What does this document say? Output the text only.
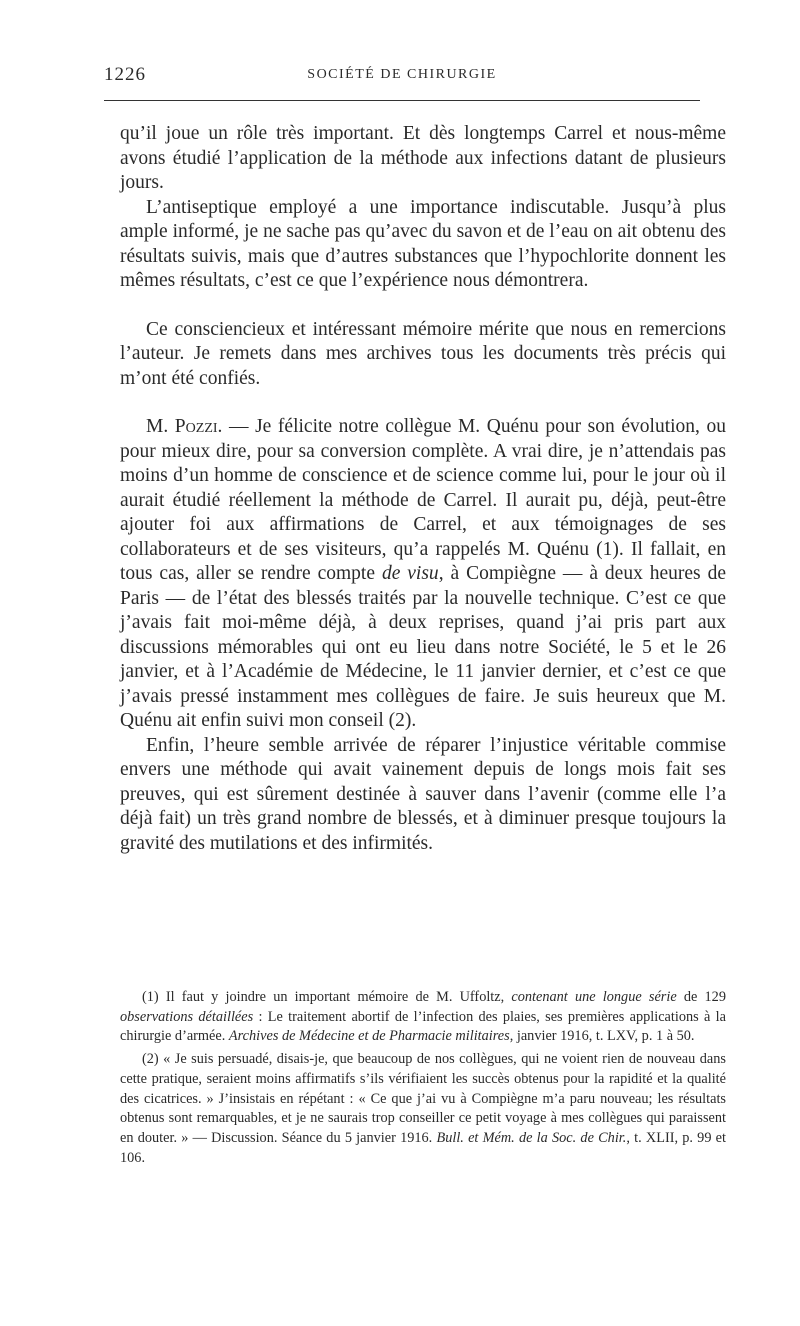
1226	SOCIÉTÉ DE CHIRURGIE

qu’il joue un rôle très important. Et dès longtemps Carrel et nous-même avons étudié l’application de la méthode aux infections datant de plusieurs jours.

L’antiseptique employé a une importance indiscutable. Jusqu’à plus ample informé, je ne sache pas qu’avec du savon et de l’eau on ait obtenu des résultats suivis, mais que d’autres substances que l’hypochlorite donnent les mêmes résultats, c’est ce que l’expérience nous démontrera.

Ce consciencieux et intéressant mémoire mérite que nous en remercions l’auteur. Je remets dans mes archives tous les documents très précis qui m’ont été confiés.

M. Pozzi. — Je félicite notre collègue M. Quénu pour son évolution, ou pour mieux dire, pour sa conversion complète. A vrai dire, je n’attendais pas moins d’un homme de conscience et de science comme lui, pour le jour où il aurait étudié réellement la méthode de Carrel. Il aurait pu, déjà, peut-être ajouter foi aux affirmations de Carrel, et aux témoignages de ses collaborateurs et de ses visiteurs, qu’a rappelés M. Quénu (1). Il fallait, en tous cas, aller se rendre compte de visu, à Compiègne — à deux heures de Paris — de l’état des blessés traités par la nouvelle technique. C’est ce que j’avais fait moi-même déjà, à deux reprises, quand j’ai pris part aux discussions mémorables qui ont eu lieu dans notre Société, le 5 et le 26 janvier, et à l’Académie de Médecine, le 11 janvier dernier, et c’est ce que j’avais pressé instamment mes collègues de faire. Je suis heureux que M. Quénu ait enfin suivi mon conseil (2).

Enfin, l’heure semble arrivée de réparer l’injustice véritable commise envers une méthode qui avait vainement depuis de longs mois fait ses preuves, qui est sûrement destinée à sauver dans l’avenir (comme elle l’a déjà fait) un très grand nombre de blessés, et à diminuer presque toujours la gravité des mutilations et des infirmités.

(1) Il faut y joindre un important mémoire de M. Uffoltz, contenant une longue série de 129 observations détaillées : Le traitement abortif de l’infection des plaies, ses premières applications à la chirurgie d’armée. Archives de Médecine et de Pharmacie militaires, janvier 1916, t. LXV, p. 1 à 50.

(2) « Je suis persuadé, disais-je, que beaucoup de nos collègues, qui ne voient rien de nouveau dans cette pratique, seraient moins affirmatifs s’ils vérifiaient les succès obtenus pour la rapidité et la qualité des cicatrices. » J’insistais en répétant : « Ce que j’ai vu à Compiègne m’a paru nouveau; les résultats obtenus sont remarquables, et je ne saurais trop conseiller ce petit voyage à mes collègues qui paraissent en douter. » — Discussion. Séance du 5 janvier 1916. Bull. et Mém. de la Soc. de Chir., t. XLII, p. 99 et 106.
